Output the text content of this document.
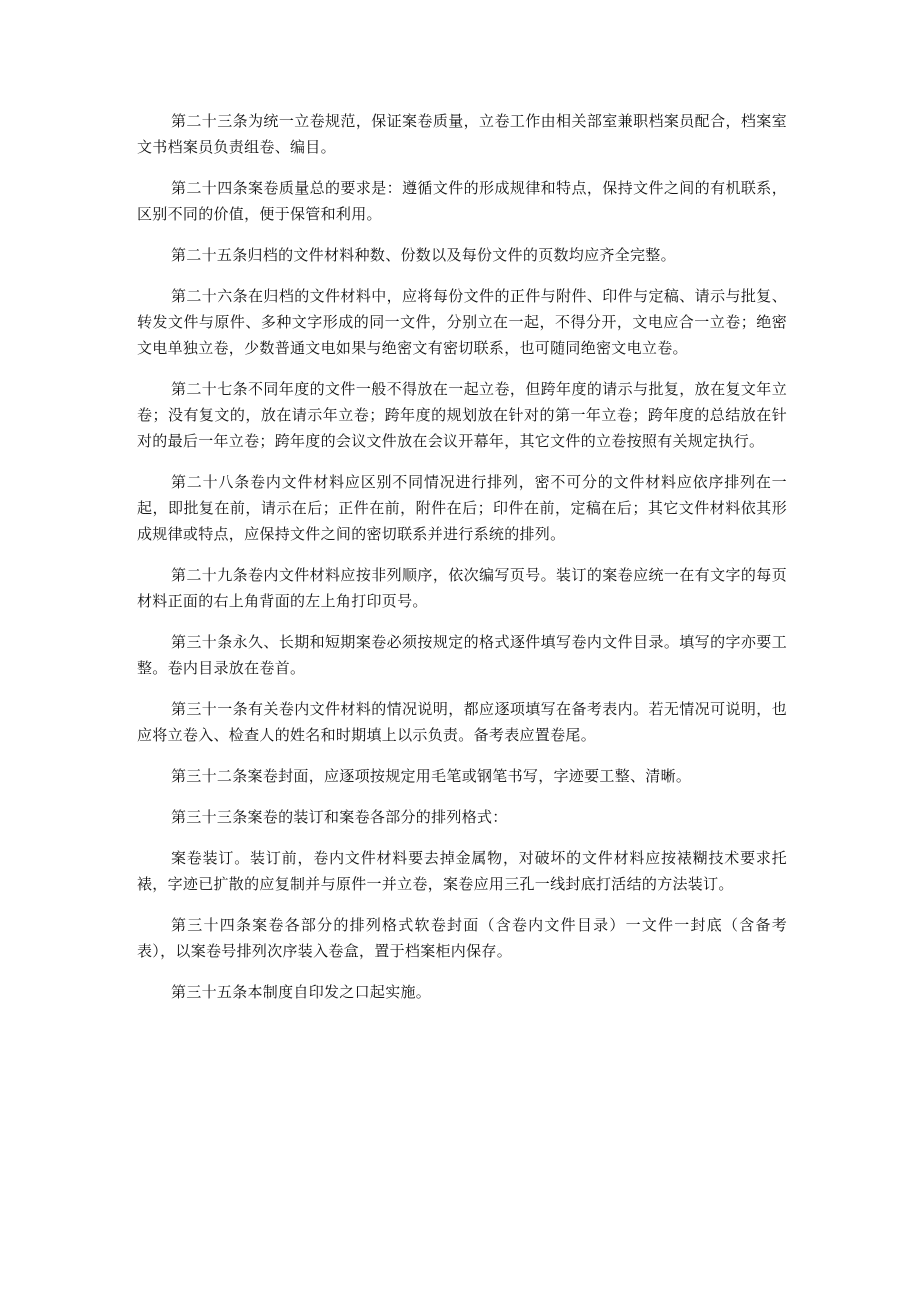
第二十三条为统一立卷规范，保证案卷质量，立卷工作由相关部室兼职档案员配合，档案室文书档案员负责组卷、编目。

第二十四条案卷质量总的要求是：遵循文件的形成规律和特点，保持文件之间的有机联系，区别不同的价值，便于保管和利用。

第二十五条归档的文件材料种数、份数以及每份文件的页数均应齐全完整。

第二十六条在归档的文件材料中，应将每份文件的正件与附件、印件与定稿、请示与批复、转发文件与原件、多种文字形成的同一文件，分别立在一起，不得分开，文电应合一立卷；绝密文电单独立卷，少数普通文电如果与绝密文有密切联系，也可随同绝密文电立卷。

第二十七条不同年度的文件一般不得放在一起立卷，但跨年度的请示与批复，放在复文年立卷；没有复文的，放在请示年立卷；跨年度的规划放在针对的第一年立卷；跨年度的总结放在针对的最后一年立卷；跨年度的会议文件放在会议开幕年，其它文件的立卷按照有关规定执行。

第二十八条卷内文件材料应区别不同情况进行排列，密不可分的文件材料应依序排列在一起，即批复在前，请示在后；正件在前，附件在后；印件在前，定稿在后；其它文件材料依其形成规律或特点，应保持文件之间的密切联系并进行系统的排列。

第二十九条卷内文件材料应按非列顺序，依次编写页号。装订的案卷应统一在有文字的每页材料正面的右上角背面的左上角打印页号。

第三十条永久、长期和短期案卷必须按规定的格式逐件填写卷内文件目录。填写的字亦要工整。卷内目录放在卷首。

第三十一条有关卷内文件材料的情况说明，都应逐项填写在备考表内。若无情况可说明，也应将立卷入、检查人的姓名和时期填上以示负责。备考表应置卷尾。

第三十二条案卷封面，应逐项按规定用毛笔或钢笔书写，字迹要工整、清晰。

第三十三条案卷的装订和案卷各部分的排列格式：

案卷装订。装订前，卷内文件材料要去掉金属物，对破坏的文件材料应按裱糊技术要求托裱，字迹已扩散的应复制并与原件一并立卷，案卷应用三孔一线封底打活结的方法装订。

第三十四条案卷各部分的排列格式软卷封面（含卷内文件目录）一文件一封底（含备考表），以案卷号排列次序装入卷盒，置于档案柜内保存。

第三十五条本制度自印发之口起实施。
